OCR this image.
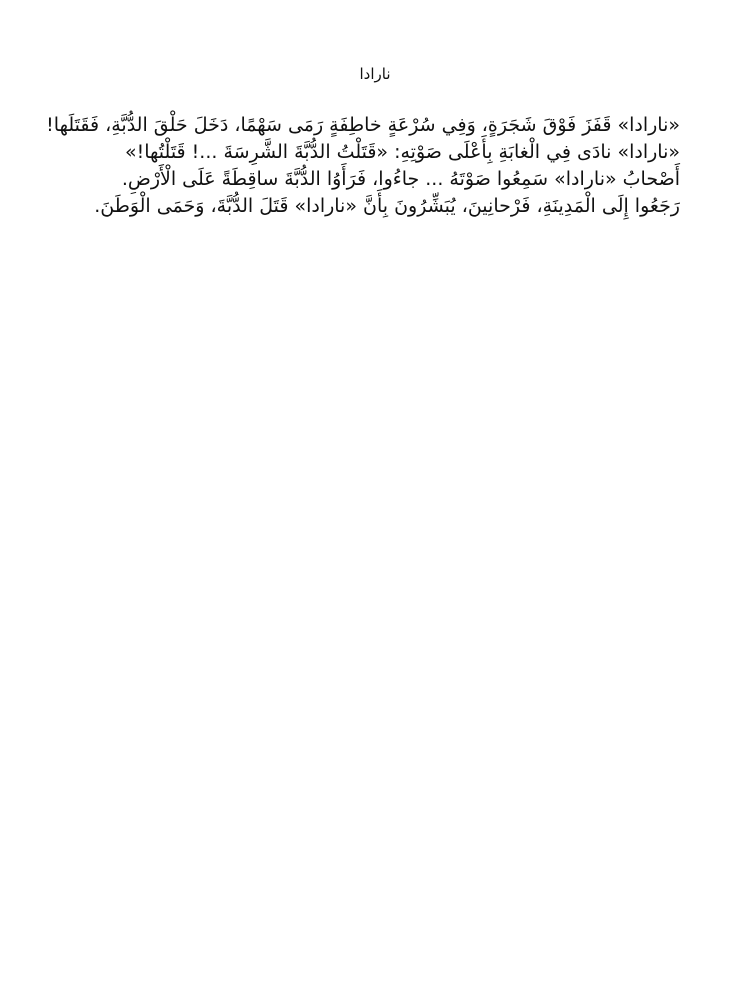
نارادا

«نارادا» قَفَزَ فَوْقَ شَجَرَةٍ، وَفِي سُرْعَةٍ خاطِفَةٍ رَمَى سَهْمًا، دَخَلَ حَلْقَ الدُّبَّةِ، فَقَتَلَها!

«نارادا» نادَى فِي الْغابَةِ بِأَعْلَى صَوْتِهِ: «قَتَلْتُ الدُّبَّةَ الشَّرِسَةَ ...! قَتَلْتُها!»

أَصْحابُ «نارادا» سَمِعُوا صَوْتَهُ ... جاءُوا، فَرَأَوُا الدُّبَّةَ ساقِطَةً عَلَى الْأَرْضِ.

رَجَعُوا إِلَى الْمَدِينَةِ، فَرْحانِينَ، يُبَشِّرُونَ بِأَنَّ «نارادا» قَتَلَ الدُّبَّةَ، وَحَمَى الْوَطَنَ.
